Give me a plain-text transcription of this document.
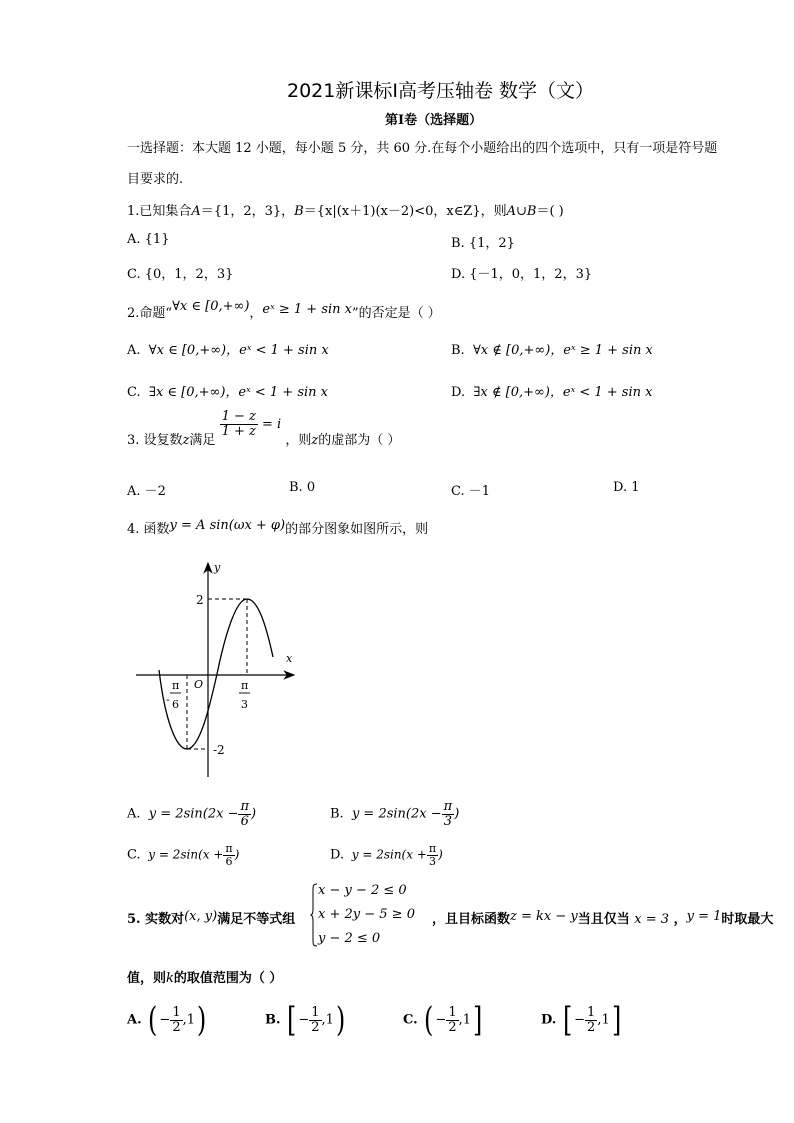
2021新课标Ⅰ高考压轴卷 数学（文）
第Ⅰ卷（选择题）
一选择题：本大题 12 小题，每小题 5 分，共 60 分.在每个小题给出的四个选项中，只有一项是符号题
目要求的.
1.已知集合A＝{1，2，3}，B＝{x|(x＋1)(x－2)<0，x∈Z}，则A∪B＝( )
A. {1}	B. {1，2}
C. {0，1，2，3}	D. {－1，0，1，2，3}
2.命题“∀x ∈ [0,+∞)，eˣ ≥ 1 + sin x”的否定是（ ）
A. ∀x ∈ [0,+∞)，eˣ < 1 + sin x	B. ∀x ∉ [0,+∞)，eˣ ≥ 1 + sin x
C. ∃x ∈ [0,+∞)，eˣ < 1 + sin x	D. ∃x ∉ [0,+∞)，eˣ < 1 + sin x
3. 设复数z满足
$\frac{1 - z}{1 + z} = i$ ，则z的虚部为（ ）
A. －2	B. 0	C. －1	D. 1
4. 函数y = A sin(ωx + φ)的部分图象如图所示，则
y
x
O
2
-2
-
π
6
π
3
A. $y = 2\sin(2x - \frac{\pi}{6}$ )	B. $y = 2\sin(2x - \frac{\pi}{3}$ )
C. $y = 2\sin(x + \frac{\pi}{6}$ )	D. $y = 2\sin(x + \frac{\pi}{3}$ )
5. 实数对(x, y)满足不等式组
x − y − 2 ≤ 0
x + 2y − 5 ≥ 0
y − 2 ≤ 0
，且目标函数z = kx − y当且仅当 x = 3 ，y = 1时取最大
值，则k的取值范围为（ ）
A. ( − $\frac{1}{2} ,1$)	B. [ − $\frac{1}{2} ,1$)	C. ( − $\frac{1}{2} ,1$]	D. [ − $\frac{1}{2} ,1$]
